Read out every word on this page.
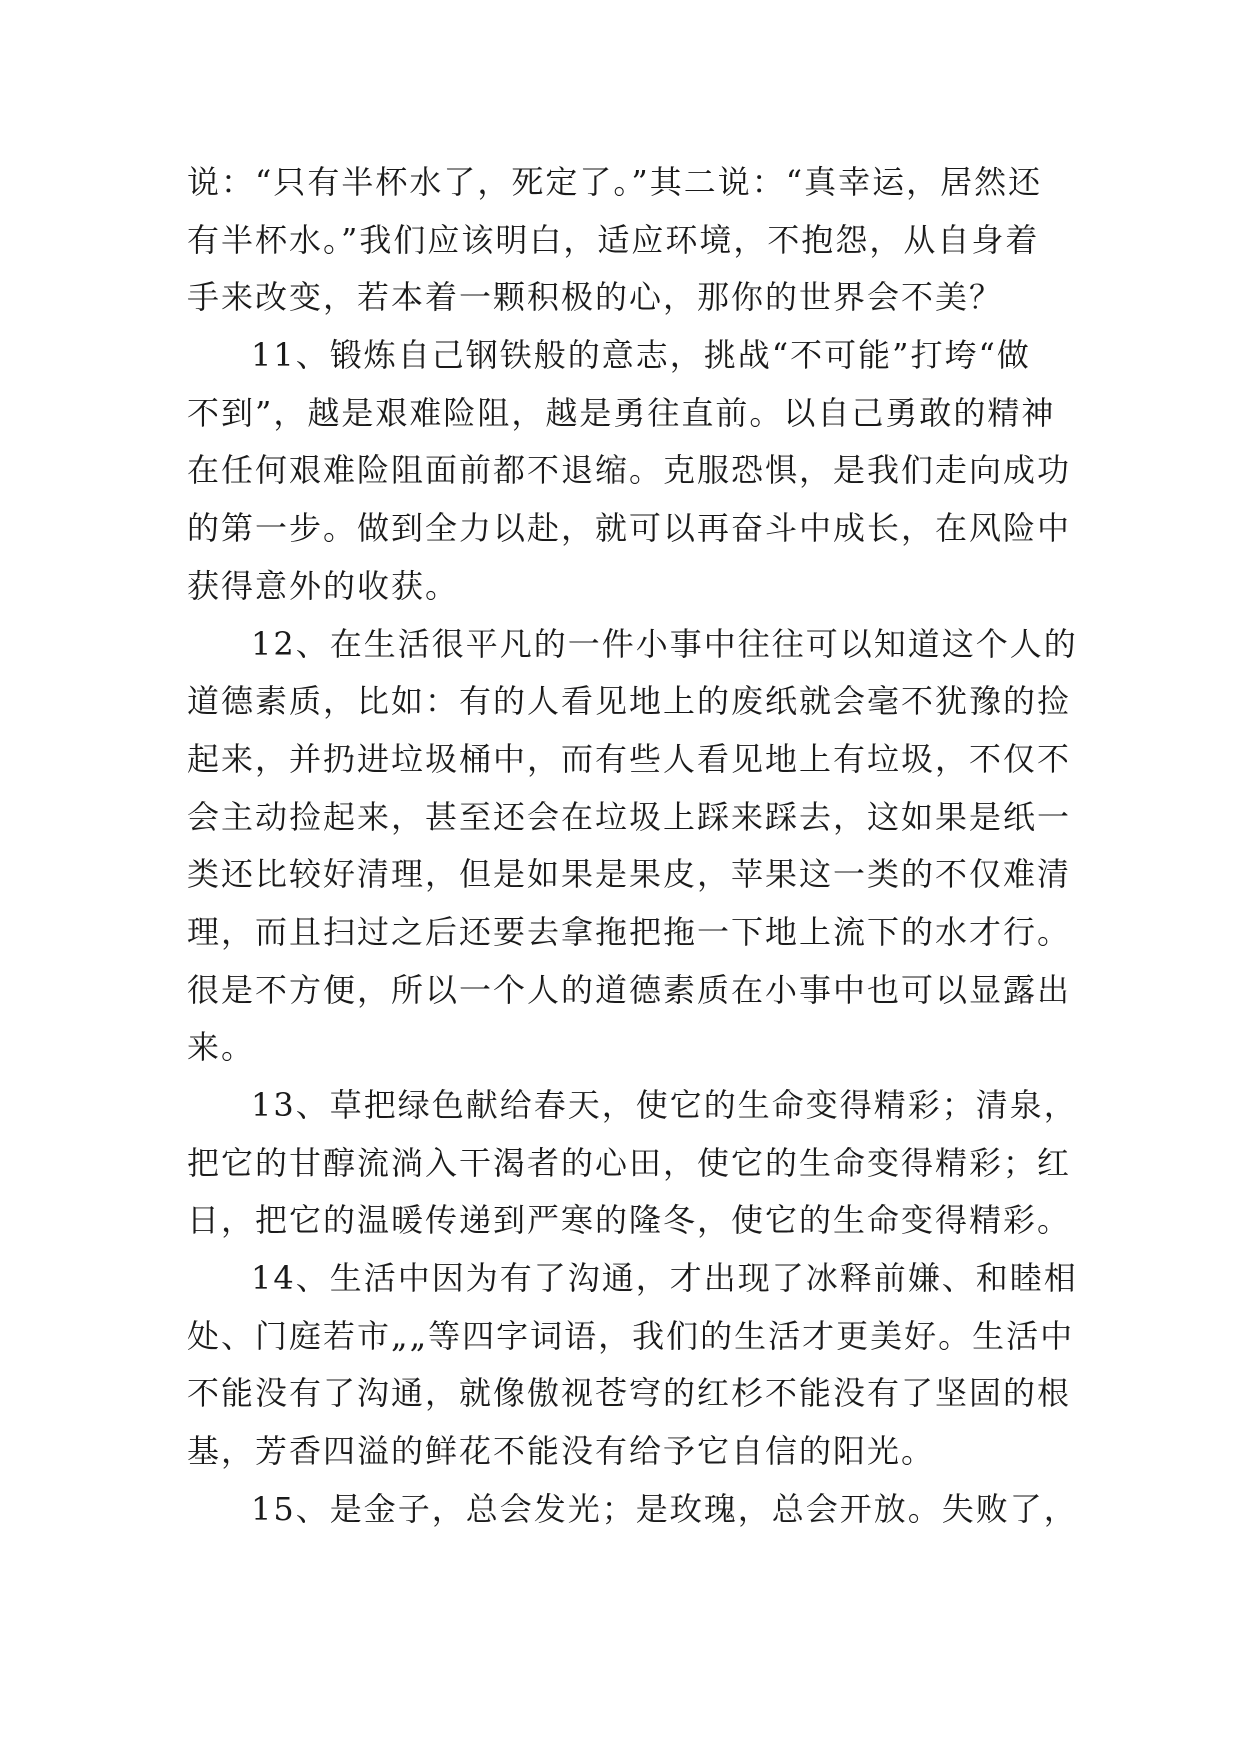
说：“只有半杯水了，死定了。”其二说：“真幸运，居然还
有半杯水。”我们应该明白，适应环境，不抱怨，从自身着
手来改变，若本着一颗积极的心，那你的世界会不美？
11、锻炼自己钢铁般的意志，挑战“不可能”打垮“做
不到”，越是艰难险阻，越是勇往直前。以自己勇敢的精神
在任何艰难险阻面前都不退缩。克服恐惧，是我们走向成功
的第一步。做到全力以赴，就可以再奋斗中成长，在风险中
获得意外的收获。
12、在生活很平凡的一件小事中往往可以知道这个人的
道德素质，比如：有的人看见地上的废纸就会毫不犹豫的捡
起来，并扔进垃圾桶中，而有些人看见地上有垃圾，不仅不
会主动捡起来，甚至还会在垃圾上踩来踩去，这如果是纸一
类还比较好清理，但是如果是果皮，苹果这一类的不仅难清
理，而且扫过之后还要去拿拖把拖一下地上流下的水才行。
很是不方便，所以一个人的道德素质在小事中也可以显露出
来。
13、草把绿色献给春天，使它的生命变得精彩；清泉，
把它的甘醇流淌入干渴者的心田，使它的生命变得精彩；红
日，把它的温暖传递到严寒的隆冬，使它的生命变得精彩。
14、生活中因为有了沟通，才出现了冰释前嫌、和睦相
处、门庭若市„„等四字词语，我们的生活才更美好。生活中
不能没有了沟通，就像傲视苍穹的红杉不能没有了坚固的根
基，芳香四溢的鲜花不能没有给予它自信的阳光。
15、是金子，总会发光；是玫瑰，总会开放。失败了，
